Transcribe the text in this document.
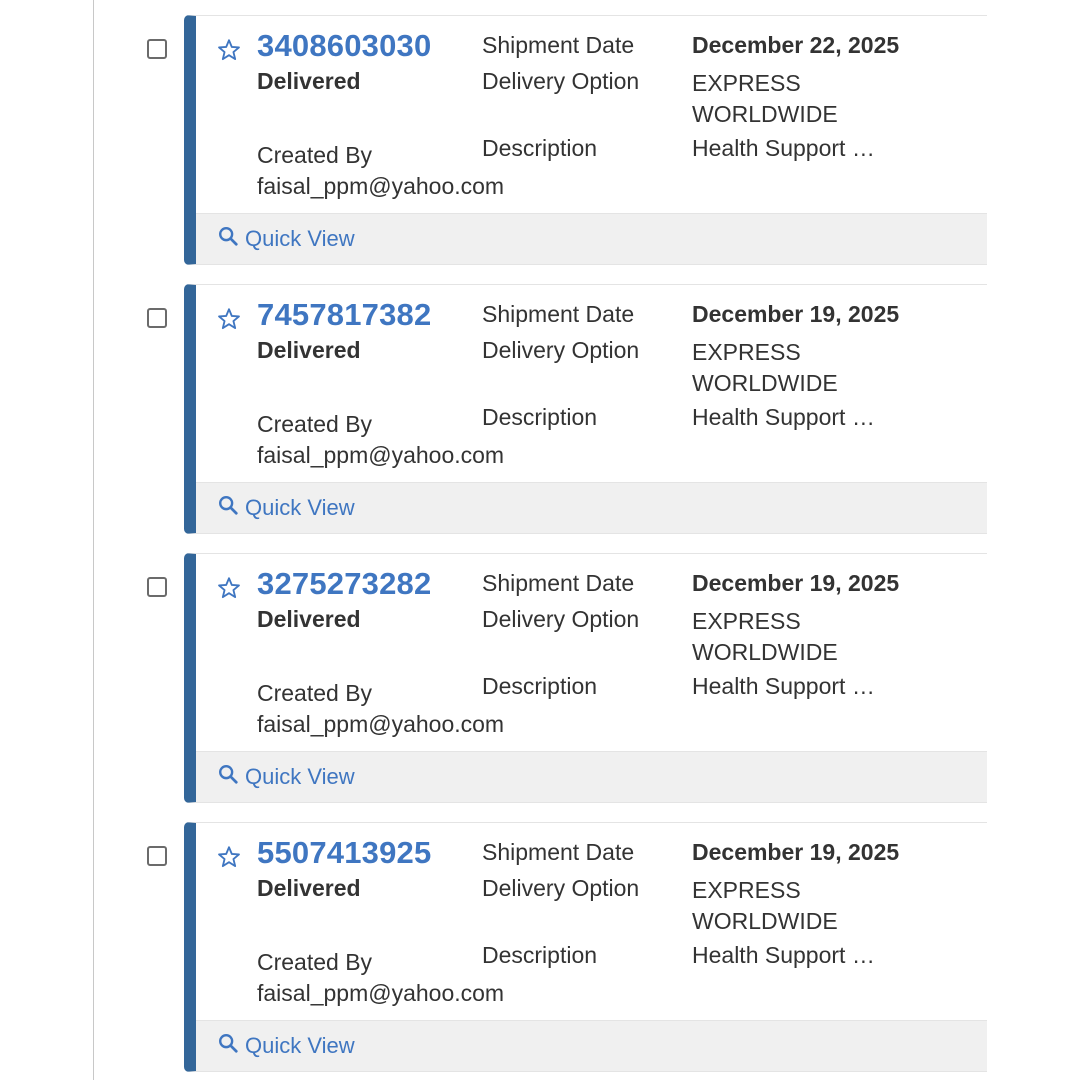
3408603030
Delivered
Created By
faisal_ppm@yahoo.com
Shipment Date
Delivery Option
Description
December 22, 2025
EXPRESS WORLDWIDE
Health Support …
Quick View
7457817382
Delivered
Created By
faisal_ppm@yahoo.com
Shipment Date
Delivery Option
Description
December 19, 2025
EXPRESS WORLDWIDE
Health Support …
Quick View
3275273282
Delivered
Created By
faisal_ppm@yahoo.com
Shipment Date
Delivery Option
Description
December 19, 2025
EXPRESS WORLDWIDE
Health Support …
Quick View
5507413925
Delivered
Created By
faisal_ppm@yahoo.com
Shipment Date
Delivery Option
Description
December 19, 2025
EXPRESS WORLDWIDE
Health Support …
Quick View
